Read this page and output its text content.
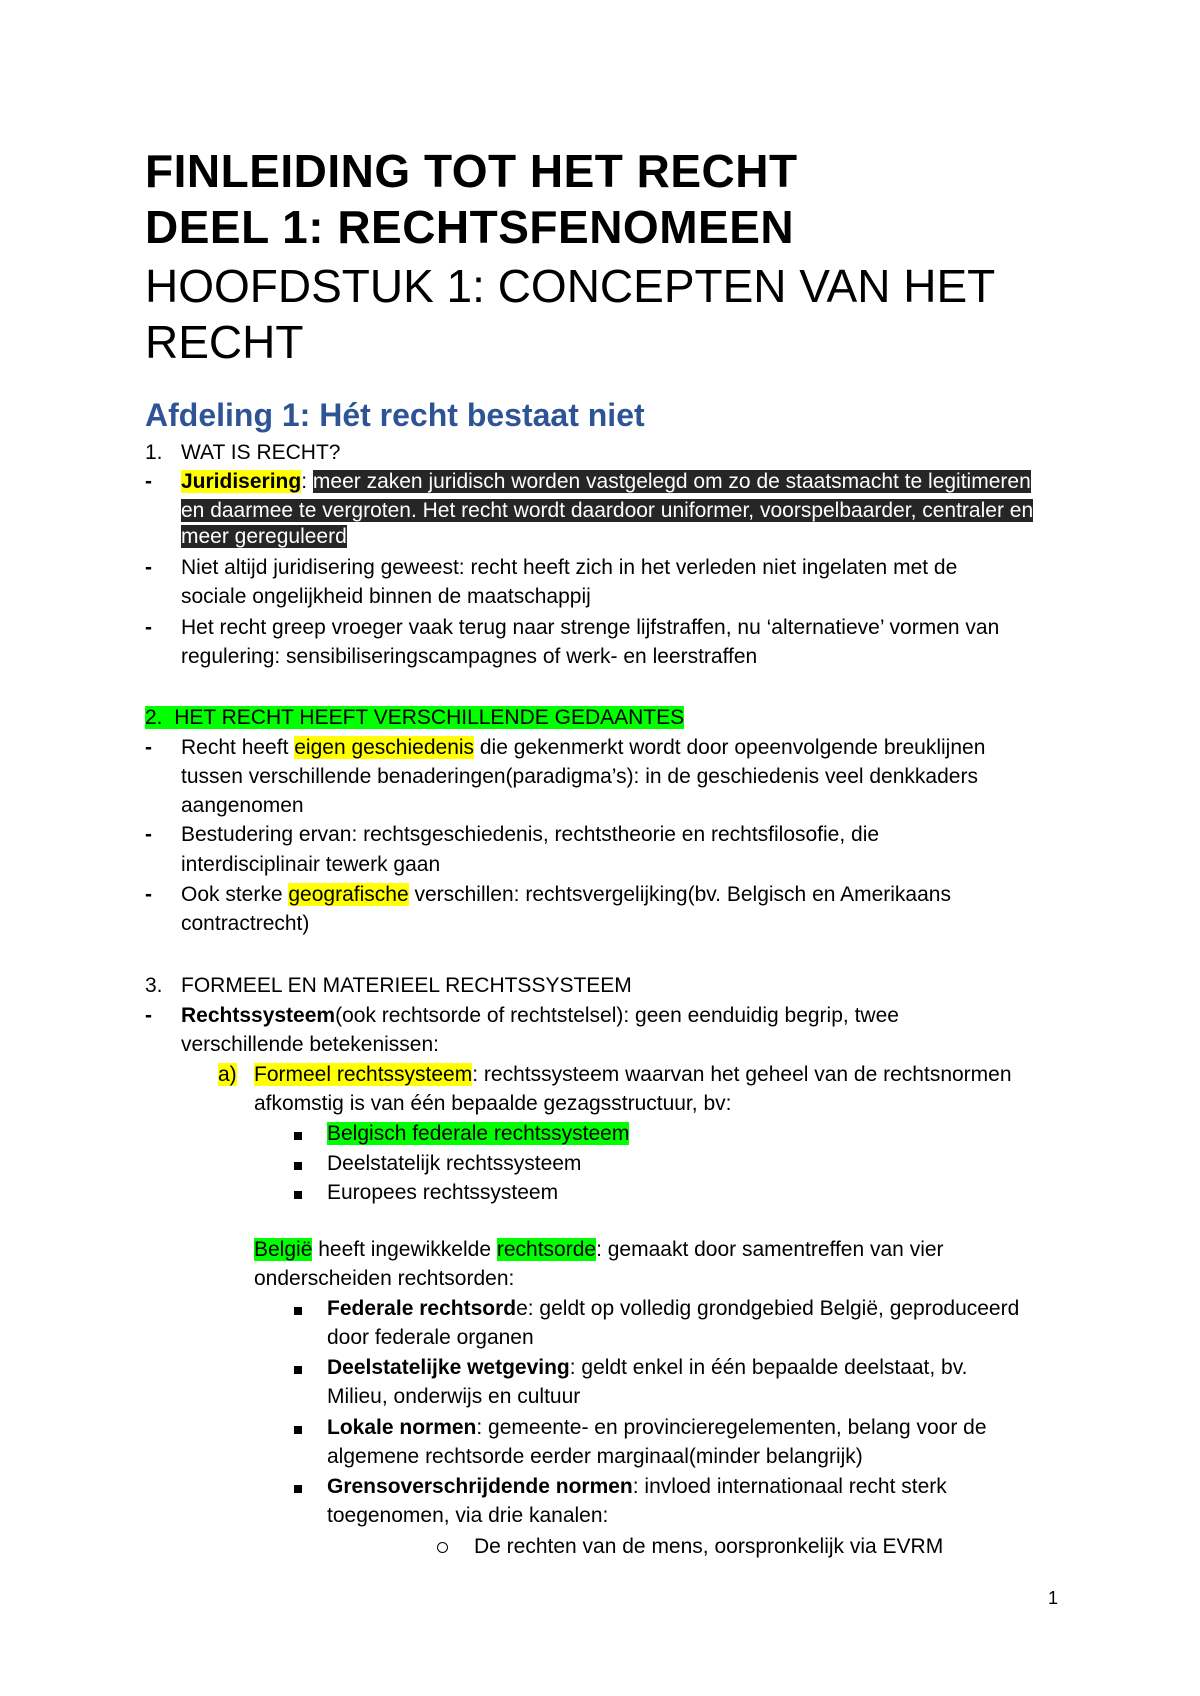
FINLEIDING TOT HET RECHT
DEEL 1: RECHTSFENOMEEN
HOOFDSTUK 1: CONCEPTEN VAN HET
RECHT
Afdeling 1: Hét recht bestaat niet
1. WAT IS RECHT?
-	Juridisering: meer zaken juridisch worden vastgelegd om zo de staatsmacht te legitimeren
en daarmee te vergroten. Het recht wordt daardoor uniformer, voorspelbaarder, centraler en
meer gereguleerd
-	Niet altijd juridisering geweest: recht heeft zich in het verleden niet ingelaten met de
sociale ongelijkheid binnen de maatschappij
-	Het recht greep vroeger vaak terug naar strenge lijfstraffen, nu ‘alternatieve’ vormen van
regulering: sensibiliseringscampagnes of werk- en leerstraffen
2. HET RECHT HEEFT VERSCHILLENDE GEDAANTES
-	Recht heeft eigen geschiedenis die gekenmerkt wordt door opeenvolgende breuklijnen
tussen verschillende benaderingen(paradigma’s): in de geschiedenis veel denkkaders
aangenomen
-	Bestudering ervan: rechtsgeschiedenis, rechtstheorie en rechtsfilosofie, die
interdisciplinair tewerk gaan
-	Ook sterke geografische verschillen: rechtsvergelijking(bv. Belgisch en Amerikaans
contractrecht)
3. FORMEEL EN MATERIEEL RECHTSSYSTEEM
-	Rechtssysteem(ook rechtsorde of rechtstelsel): geen eenduidig begrip, twee
verschillende betekenissen:
a) Formeel rechtssysteem: rechtssysteem waarvan het geheel van de rechtsnormen
afkomstig is van één bepaalde gezagsstructuur, bv:
Belgisch federale rechtssysteem
Deelstatelijk rechtssysteem
Europees rechtssysteem
België heeft ingewikkelde rechtsorde: gemaakt door samentreffen van vier
onderscheiden rechtsorden:
Federale rechtsorde: geldt op volledig grondgebied België, geproduceerd
door federale organen
Deelstatelijke wetgeving: geldt enkel in één bepaalde deelstaat, bv.
Milieu, onderwijs en cultuur
Lokale normen: gemeente- en provincieregelementen, belang voor de
algemene rechtsorde eerder marginaal(minder belangrijk)
Grensoverschrijdende normen: invloed internationaal recht sterk
toegenomen, via drie kanalen:
De rechten van de mens, oorspronkelijk via EVRM
1
